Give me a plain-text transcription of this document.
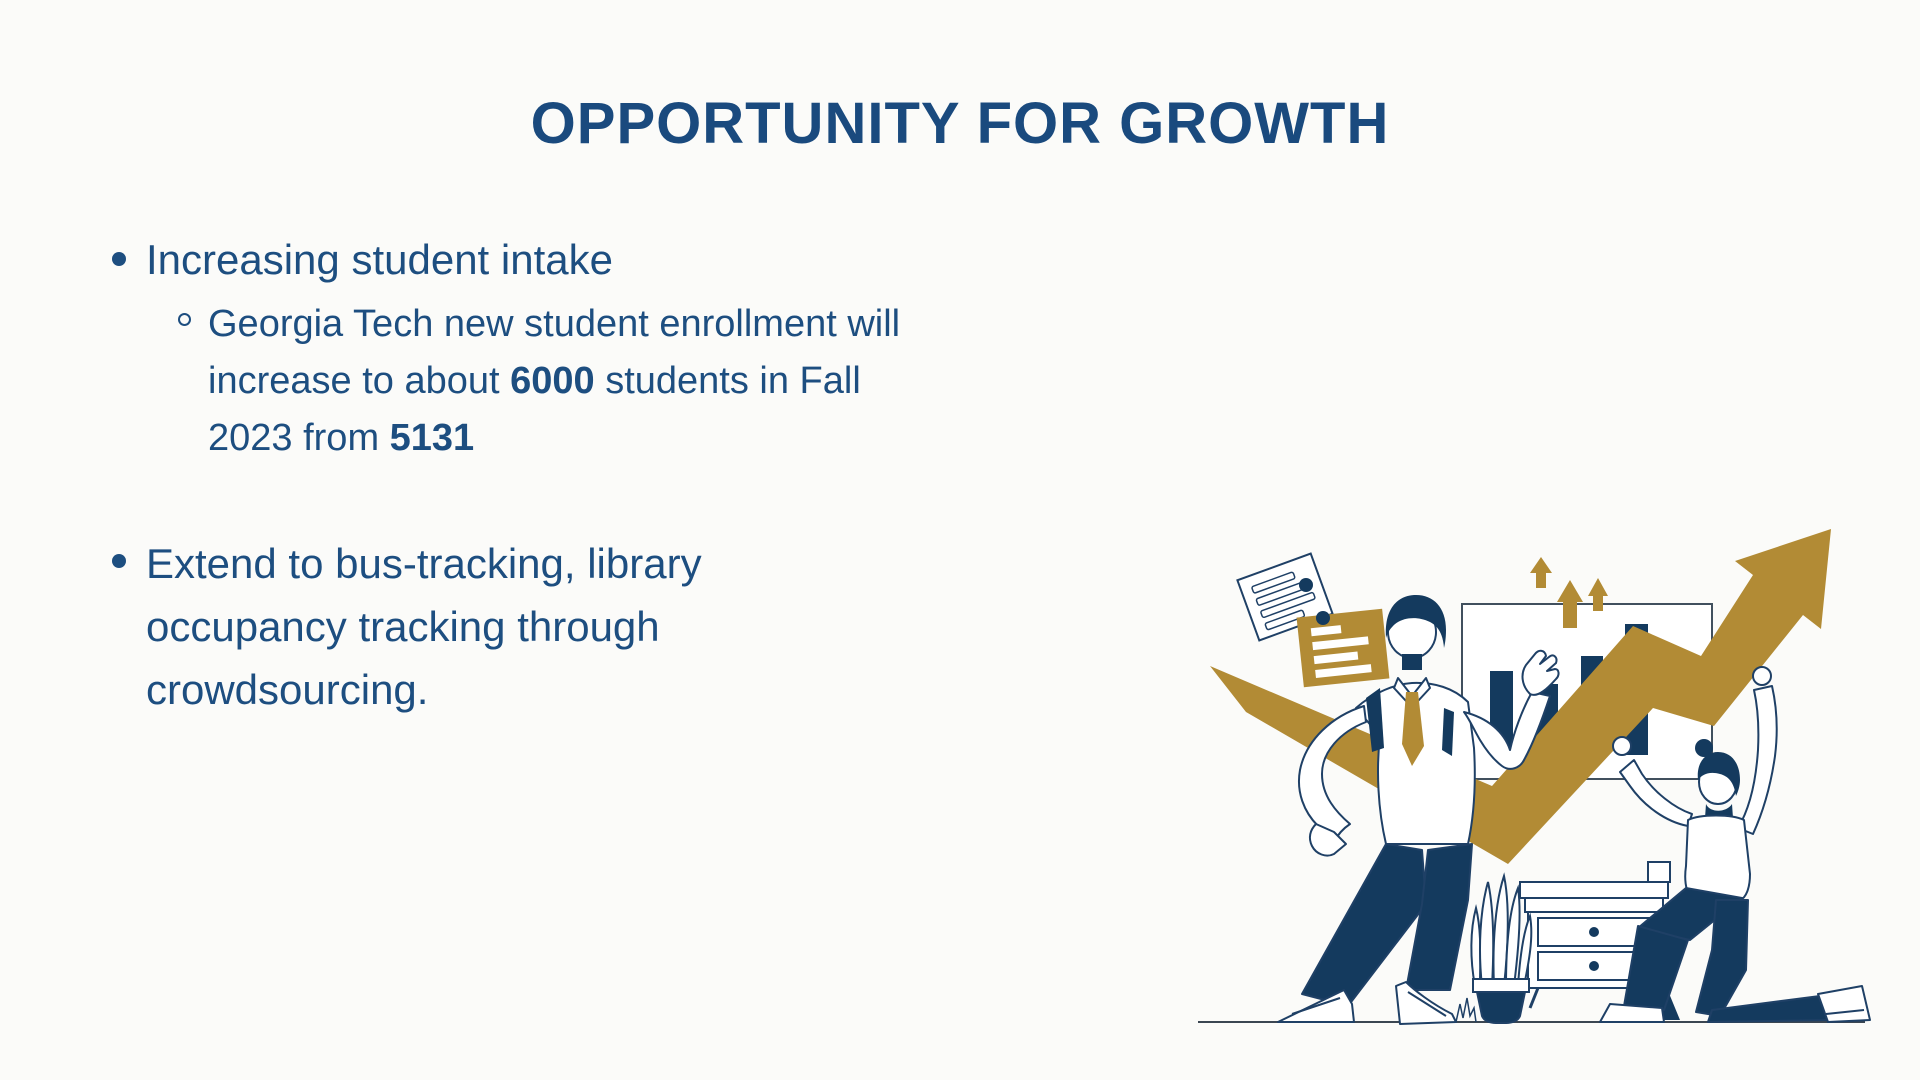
OPPORTUNITY FOR GROWTH
Increasing student intake
Georgia Tech new student enrollment will
increase to about 6000 students in Fall
2023 from 5131
Extend to bus-tracking, library
occupancy tracking through
crowdsourcing.
